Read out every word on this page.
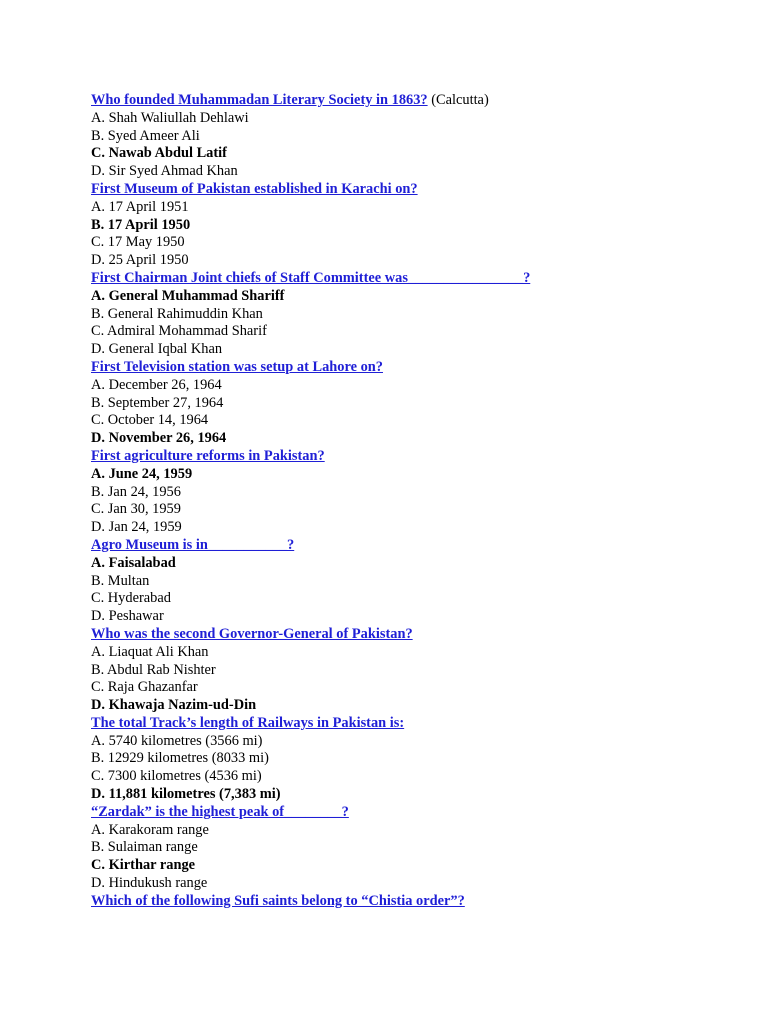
Who founded Muhammadan Literary Society in 1863? (Calcutta)
A. Shah Waliullah Dehlawi
B. Syed Ameer Ali
C. Nawab Abdul Latif
D. Sir Syed Ahmad Khan
First Museum of Pakistan established in Karachi on?
A. 17 April 1951
B. 17 April 1950
C. 17 May 1950
D. 25 April 1950
First Chairman Joint chiefs of Staff Committee was________________?
A. General Muhammad Shariff
B. General Rahimuddin Khan
C. Admiral Mohammad Sharif
D. General Iqbal Khan
First Television station was setup at Lahore on?
A. December 26, 1964
B. September 27, 1964
C. October 14, 1964
D. November 26, 1964
First agriculture reforms in Pakistan?
A. June 24, 1959
B. Jan 24, 1956
C. Jan 30, 1959
D. Jan 24, 1959
Agro Museum is in___________?
A. Faisalabad
B. Multan
C. Hyderabad
D. Peshawar
Who was the second Governor-General of Pakistan?
A. Liaquat Ali Khan
B. Abdul Rab Nishter
C. Raja Ghazanfar
D. Khawaja Nazim-ud-Din
The total Track’s length of Railways in Pakistan is:
A. 5740 kilometres (3566 mi)
B. 12929 kilometres (8033 mi)
C. 7300 kilometres (4536 mi)
D. 11,881 kilometres (7,383 mi)
“Zardak” is the highest peak of________?
A. Karakoram range
B. Sulaiman range
C. Kirthar range
D. Hindukush range
Which of the following Sufi saints belong to “Chistia order”?
